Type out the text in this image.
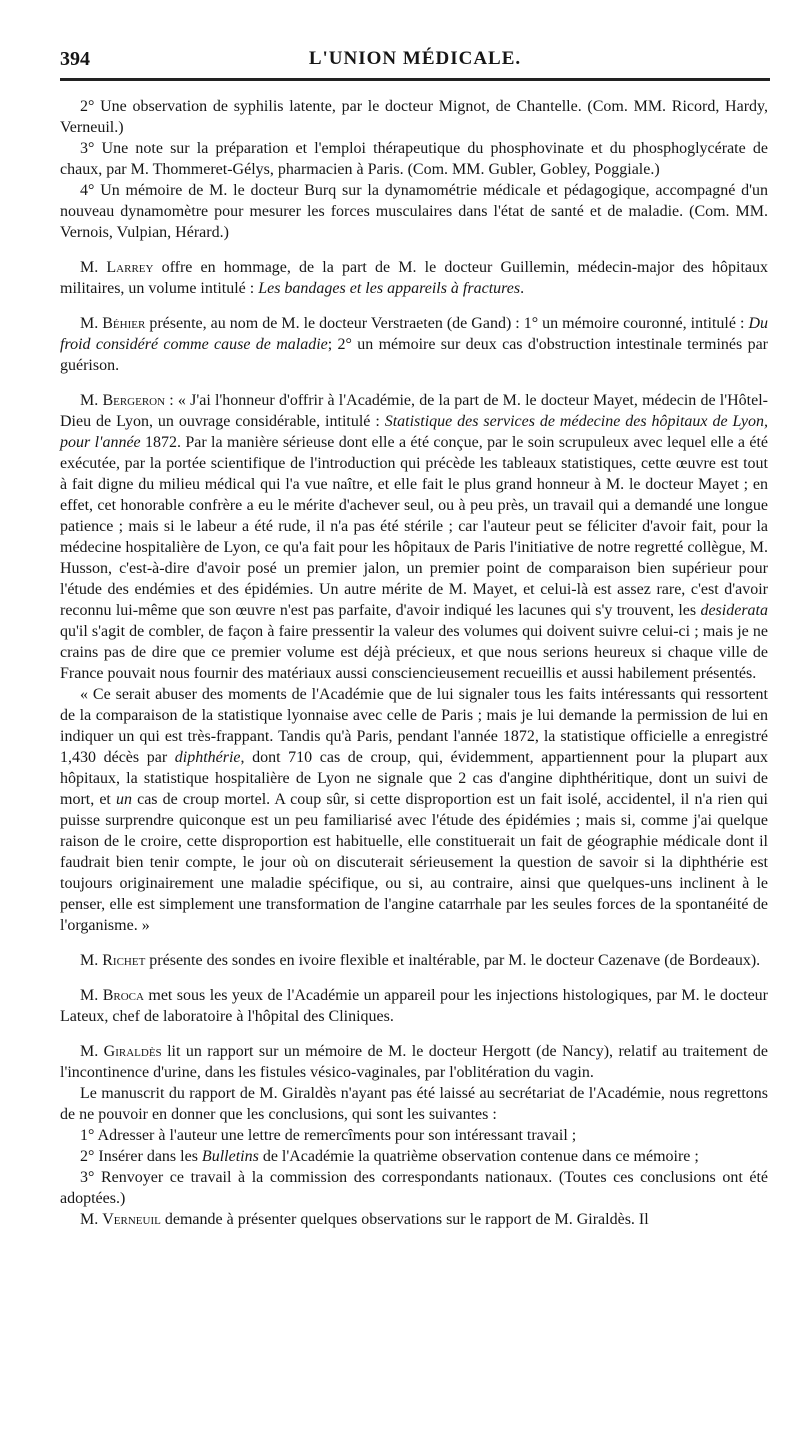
394	L'UNION MÉDICALE.

2° Une observation de syphilis latente, par le docteur Mignot, de Chantelle. (Com. MM. Ricord, Hardy, Verneuil.)

3° Une note sur la préparation et l'emploi thérapeutique du phosphovinate et du phosphoglycérate de chaux, par M. Thommeret-Gélys, pharmacien à Paris. (Com. MM. Gubler, Gobley, Poggiale.)

4° Un mémoire de M. le docteur Burq sur la dynamométrie médicale et pédagogique, accompagné d'un nouveau dynamomètre pour mesurer les forces musculaires dans l'état de santé et de maladie. (Com. MM. Vernois, Vulpian, Hérard.)

M. Larrey offre en hommage, de la part de M. le docteur Guillemin, médecin-major des hôpitaux militaires, un volume intitulé : Les bandages et les appareils à fractures.

M. Béhier présente, au nom de M. le docteur Verstraeten (de Gand) : 1° un mémoire couronné, intitulé : Du froid considéré comme cause de maladie; 2° un mémoire sur deux cas d'obstruction intestinale terminés par guérison.

M. Bergeron : « J'ai l'honneur d'offrir à l'Académie, de la part de M. le docteur Mayet, médecin de l'Hôtel-Dieu de Lyon, un ouvrage considérable, intitulé : Statistique des services de médecine des hôpitaux de Lyon, pour l'année 1872. Par la manière sérieuse dont elle a été conçue, par le soin scrupuleux avec lequel elle a été exécutée, par la portée scientifique de l'introduction qui précède les tableaux statistiques, cette œuvre est tout à fait digne du milieu médical qui l'a vue naître, et elle fait le plus grand honneur à M. le docteur Mayet ; en effet, cet honorable confrère a eu le mérite d'achever seul, ou à peu près, un travail qui a demandé une longue patience ; mais si le labeur a été rude, il n'a pas été stérile ; car l'auteur peut se féliciter d'avoir fait, pour la médecine hospitalière de Lyon, ce qu'a fait pour les hôpitaux de Paris l'initiative de notre regretté collègue, M. Husson, c'est-à-dire d'avoir posé un premier jalon, un premier point de comparaison bien supérieur pour l'étude des endémies et des épidémies. Un autre mérite de M. Mayet, et celui-là est assez rare, c'est d'avoir reconnu lui-même que son œuvre n'est pas parfaite, d'avoir indiqué les lacunes qui s'y trouvent, les desiderata qu'il s'agit de combler, de façon à faire pressentir la valeur des volumes qui doivent suivre celui-ci ; mais je ne crains pas de dire que ce premier volume est déjà précieux, et que nous serions heureux si chaque ville de France pouvait nous fournir des matériaux aussi consciencieusement recueillis et aussi habilement présentés.

« Ce serait abuser des moments de l'Académie que de lui signaler tous les faits intéressants qui ressortent de la comparaison de la statistique lyonnaise avec celle de Paris ; mais je lui demande la permission de lui en indiquer un qui est très-frappant. Tandis qu'à Paris, pendant l'année 1872, la statistique officielle a enregistré 1,430 décès par diphthérie, dont 710 cas de croup, qui, évidemment, appartiennent pour la plupart aux hôpitaux, la statistique hospitalière de Lyon ne signale que 2 cas d'angine diphthéritique, dont un suivi de mort, et un cas de croup mortel. A coup sûr, si cette disproportion est un fait isolé, accidentel, il n'a rien qui puisse surprendre quiconque est un peu familiarisé avec l'étude des épidémies ; mais si, comme j'ai quelque raison de le croire, cette disproportion est habituelle, elle constituerait un fait de géographie médicale dont il faudrait bien tenir compte, le jour où on discuterait sérieusement la question de savoir si la diphthérie est toujours originairement une maladie spécifique, ou si, au contraire, ainsi que quelques-uns inclinent à le penser, elle est simplement une transformation de l'angine catarrhale par les seules forces de la spontanéité de l'organisme. »

M. Richet présente des sondes en ivoire flexible et inaltérable, par M. le docteur Cazenave (de Bordeaux).

M. Broca met sous les yeux de l'Académie un appareil pour les injections histologiques, par M. le docteur Lateux, chef de laboratoire à l'hôpital des Cliniques.

M. Giraldès lit un rapport sur un mémoire de M. le docteur Hergott (de Nancy), relatif au traitement de l'incontinence d'urine, dans les fistules vésico-vaginales, par l'oblitération du vagin.

Le manuscrit du rapport de M. Giraldès n'ayant pas été laissé au secrétariat de l'Académie, nous regrettons de ne pouvoir en donner que les conclusions, qui sont les suivantes :

1° Adresser à l'auteur une lettre de remercîments pour son intéressant travail ;

2° Insérer dans les Bulletins de l'Académie la quatrième observation contenue dans ce mémoire ;

3° Renvoyer ce travail à la commission des correspondants nationaux. (Toutes ces conclusions ont été adoptées.)

M. Verneuil demande à présenter quelques observations sur le rapport de M. Giraldès. Il
